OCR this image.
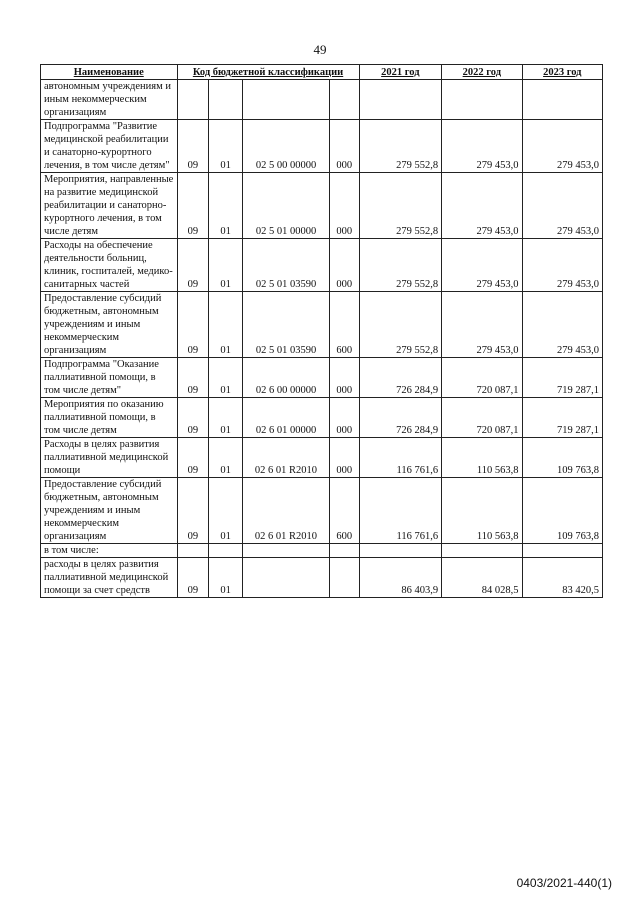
49
Наименование	Код бюджетной классификации				2021 год	2022 год	2023 год
автономным учреждениям и иным некоммерческим организациям							
Подпрограмма "Развитие медицинской реабилитации и санаторно-курортного лечения, в том числе детям"	09	01	02 5 00 00000	000	279 552,8	279 453,0	279 453,0
Мероприятия, направленные на развитие медицинской реабилитации и санаторно-курортного лечения, в том числе детям	09	01	02 5 01 00000	000	279 552,8	279 453,0	279 453,0
Расходы на обеспечение деятельности больниц, клиник, госпиталей, медико-санитарных частей	09	01	02 5 01 03590	000	279 552,8	279 453,0	279 453,0
Предоставление субсидий бюджетным, автономным учреждениям и иным некоммерческим организациям	09	01	02 5 01 03590	600	279 552,8	279 453,0	279 453,0
Подпрограмма "Оказание паллиативной помощи, в том числе детям"	09	01	02 6 00 00000	000	726 284,9	720 087,1	719 287,1
Мероприятия по оказанию паллиативной помощи, в том числе детям	09	01	02 6 01 00000	000	726 284,9	720 087,1	719 287,1
Расходы в целях развития паллиативной медицинской помощи	09	01	02 6 01 R2010	000	116 761,6	110 563,8	109 763,8
Предоставление субсидий бюджетным, автономным учреждениям и иным некоммерческим организациям	09	01	02 6 01 R2010	600	116 761,6	110 563,8	109 763,8
в том числе:							
расходы в целях развития паллиативной медицинской помощи за счет средств	09	01			86 403,9	84 028,5	83 420,5
0403/2021-440(1)
